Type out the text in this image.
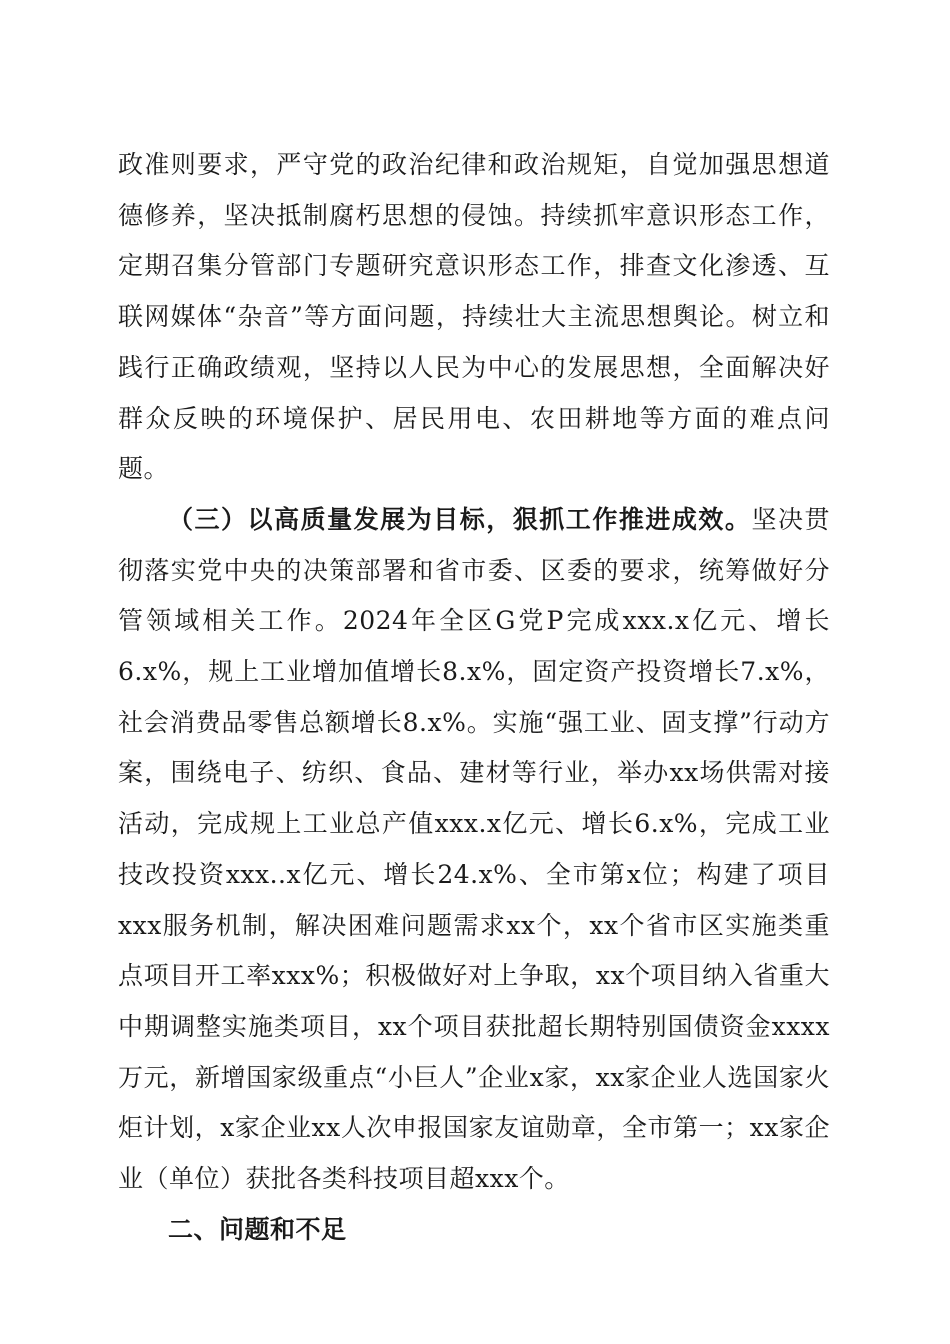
政准则要求，严守党的政治纪律和政治规矩，自觉加强思想道德修养，坚决抵制腐朽思想的侵蚀。持续抓牢意识形态工作，定期召集分管部门专题研究意识形态工作，排查文化渗透、互联网媒体“杂音”等方面问题，持续壮大主流思想舆论。树立和践行正确政绩观，坚持以人民为中心的发展思想，全面解决好群众反映的环境保护、居民用电、农田耕地等方面的难点问题。

（三）以高质量发展为目标，狠抓工作推进成效。坚决贯彻落实党中央的决策部署和省市委、区委的要求，统筹做好分管领域相关工作。2024年全区G党P完成xxx.x亿元、增长6.x%，规上工业增加值增长8.x%，固定资产投资增长7.x%，社会消费品零售总额增长8.x%。实施“强工业、固支撑”行动方案，围绕电子、纺织、食品、建材等行业，举办xx场供需对接活动，完成规上工业总产值xxx.x亿元、增长6.x%，完成工业技改投资xxx..x亿元、增长24.x%、全市第x位；构建了项目xxx服务机制，解决困难问题需求xx个，xx个省市区实施类重点项目开工率xxx%；积极做好对上争取，xx个项目纳入省重大中期调整实施类项目，xx个项目获批超长期特别国债资金xxxx万元，新增国家级重点“小巨人”企业x家，xx家企业人选国家火炬计划，x家企业xx人次申报国家友谊勋章，全市第一；xx家企业（单位）获批各类科技项目超xxx个。

二、问题和不足
